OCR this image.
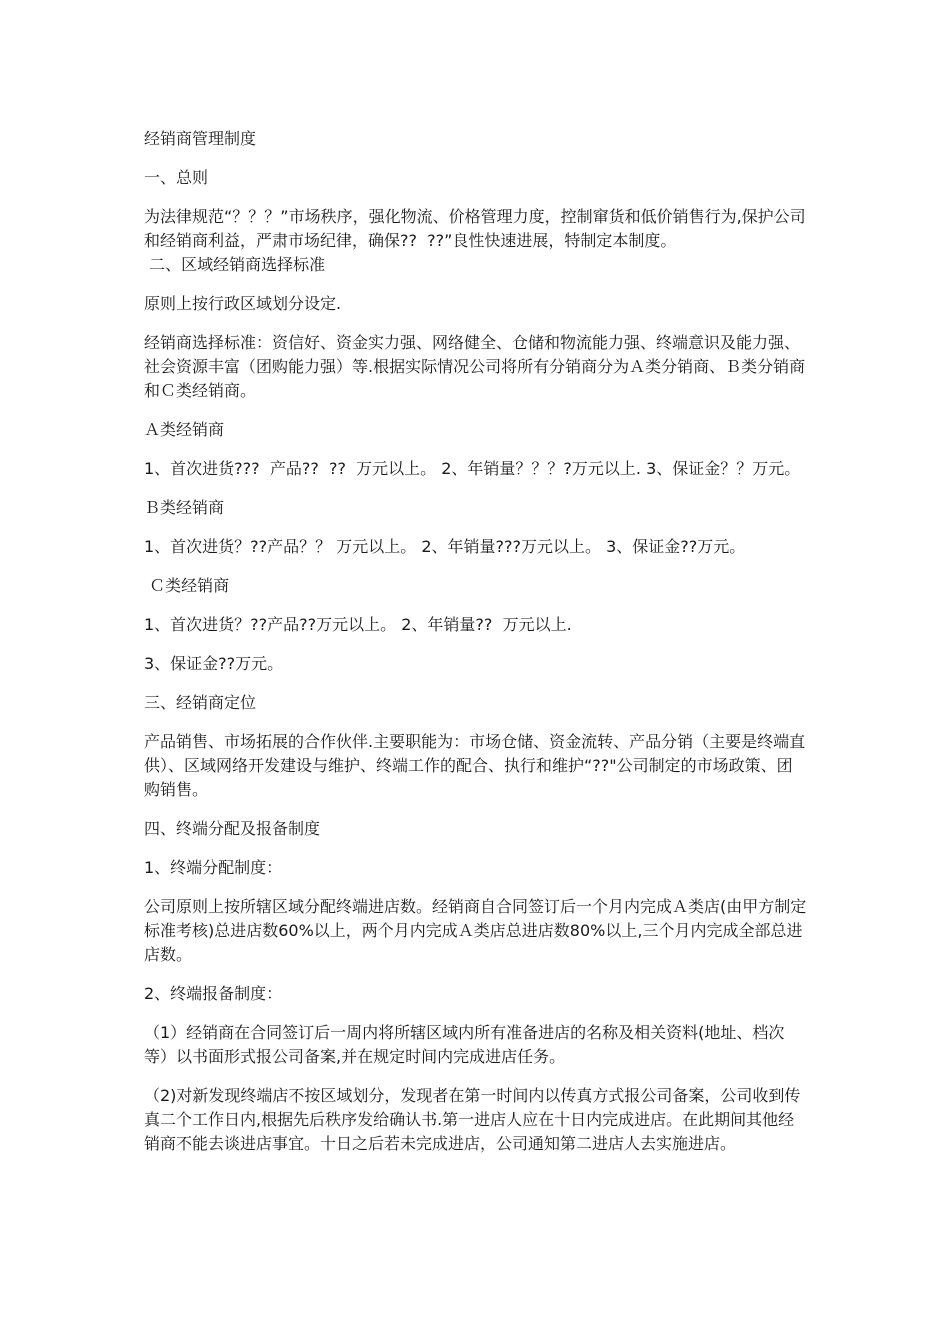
经销商管理制度

一、总则

为法律规范“？？？”市场秩序，强化物流、价格管理力度，控制窜货和低价销售行为,保护公司和经销商利益，严肃市场纪律，确保??  ??”良性快速进展，特制定本制度。

二、区域经销商选择标准

原则上按行政区域划分设定.

经销商选择标准：资信好、资金实力强、网络健全、仓储和物流能力强、终端意识及能力强、社会资源丰富（团购能力强）等.根据实际情况公司将所有分销商分为Ａ类分销商、Ｂ类分销商和Ｃ类经销商。

Ａ类经销商

1、首次进货???  产品??  ??  万元以上。 2、年销量？？？?万元以上. 3、保证金？？万元。

Ｂ类经销商

1、首次进货？??产品？？ 万元以上。 2、年销量???万元以上。 3、保证金??万元。

Ｃ类经销商

1、首次进货？??产品??万元以上。 2、年销量??  万元以上.

3、保证金??万元。

三、经销商定位

产品销售、市场拓展的合作伙伴.主要职能为：市场仓储、资金流转、产品分销（主要是终端直供）、区域网络开发建设与维护、终端工作的配合、执行和维护“??"公司制定的市场政策、团购销售。

四、终端分配及报备制度

1、终端分配制度：

公司原则上按所辖区域分配终端进店数。经销商自合同签订后一个月内完成Ａ类店(由甲方制定标准考核)总进店数60%以上，两个月内完成Ａ类店总进店数80%以上,三个月内完成全部总进店数。

2、终端报备制度：

（1）经销商在合同签订后一周内将所辖区域内所有准备进店的名称及相关资料(地址、档次等）以书面形式报公司备案,并在规定时间内完成进店任务。

（2)对新发现终端店不按区域划分，发现者在第一时间内以传真方式报公司备案，公司收到传真二个工作日内,根据先后秩序发给确认书.第一进店人应在十日内完成进店。在此期间其他经销商不能去谈进店事宜。十日之后若未完成进店，公司通知第二进店人去实施进店。
